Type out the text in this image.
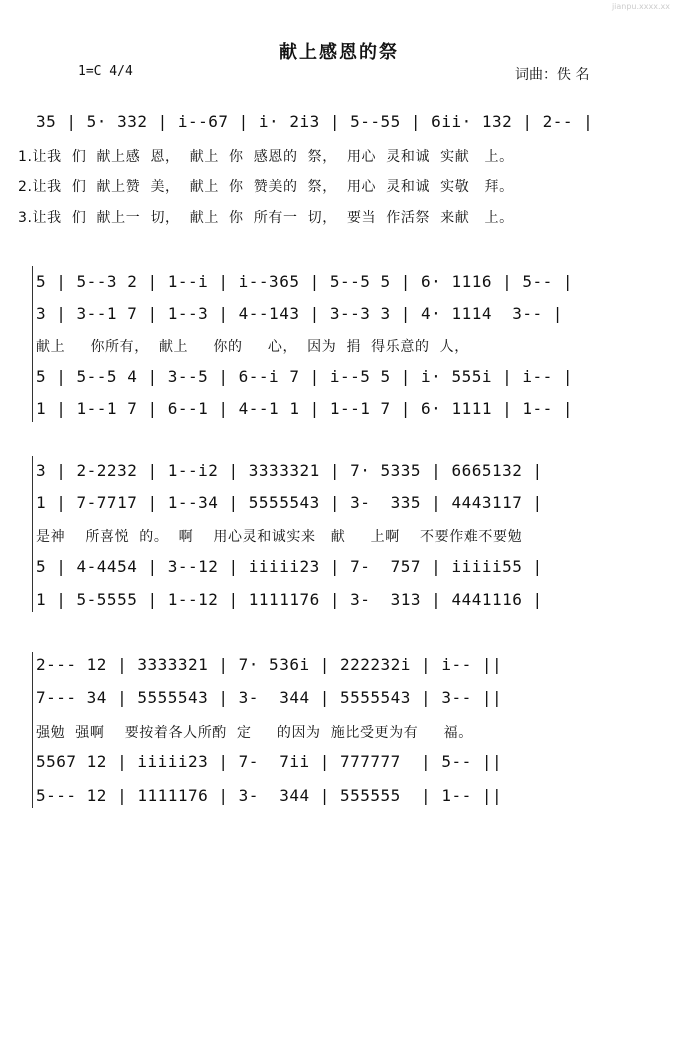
jianpu.xxxx.xx
献上感恩的祭
1=C 4/4	词曲：佚 名
35 | 5· 332 | i--67 | i· 2i3 | 5--55 | 6ii· 132 | 2-- |
1.让我  们  献上感  恩，  献上  你  感恩的  祭，  用心  灵和诚  实献   上。
2.让我  们  献上赞  美，  献上  你  赞美的  祭，  用心  灵和诚  实敬   拜。
3.让我  们  献上一  切，  献上  你  所有一  切，  要当  作活祭  来献   上。
5 | 5--3 2 | 1--i | i--365 | 5--5 5 | 6· 1116 | 5-- |
3 | 3--1 7 | 1--3 | 4--143 | 3--3 3 | 4· 1114  3-- |
献上     你所有，  献上     你的     心，  因为  捐  得乐意的  人，
5 | 5--5 4 | 3--5 | 6--i 7 | i--5 5 | i· 555i | i-- |
1 | 1--1 7 | 6--1 | 4--1 1 | 1--1 7 | 6· 1111 | 1-- |
3 | 2-2232 | 1--i2 | 3333321 | 7· 5335 | 6665132 |
1 | 7-7717 | 1--34 | 5555543 | 3-  335 | 4443117 |
是神    所喜悦  的。  啊    用心灵和诚实来   献     上啊    不要作难不要勉
5 | 4-4454 | 3--12 | iiiii23 | 7-  757 | iiiii55 |
1 | 5-5555 | 1--12 | 1111176 | 3-  313 | 4441116 |
2--- 12 | 3333321 | 7· 536i | 222232i | i-- ||
7--- 34 | 5555543 | 3-  344 | 5555543 | 3-- ||
强勉  强啊    要按着各人所酌  定     的因为  施比受更为有     福。
5567 12 | iiiii23 | 7-  7ii | 777777  | 5-- ||
5--- 12 | 1111176 | 3-  344 | 555555  | 1-- ||
